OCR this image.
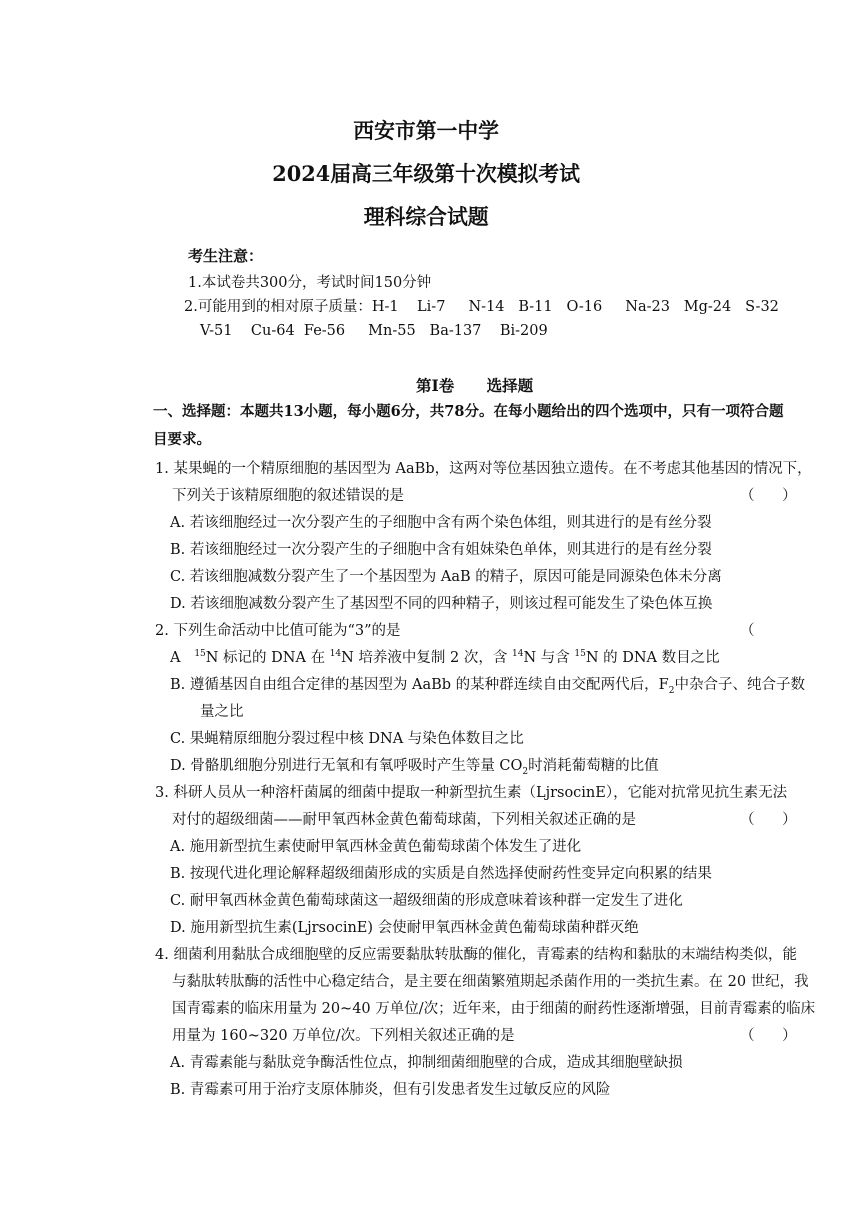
西安市第一中学
2024届高三年级第十次模拟考试
理科综合试题
考生注意：
1.本试卷共300分，考试时间150分钟
2.可能用到的相对原子质量：H-1    Li-7     N-14   B-11   O-16     Na-23   Mg-24   S-32
V-51    Cu-64  Fe-56     Mn-55   Ba-137    Bi-209
第Ⅰ卷      选择题
一、选择题：本题共13小题，每小题6分，共78分。在每小题给出的四个选项中，只有一项符合题
目要求。
1. 某果蝇的一个精原细胞的基因型为 AaBb，这两对等位基因独立遗传。在不考虑其他基因的情况下，
下列关于该精原细胞的叙述错误的是	（      ）
A. 若该细胞经过一次分裂产生的子细胞中含有两个染色体组，则其进行的是有丝分裂
B. 若该细胞经过一次分裂产生的子细胞中含有姐妹染色单体，则其进行的是有丝分裂
C. 若该细胞减数分裂产生了一个基因型为 AaB 的精子，原因可能是同源染色体未分离
D. 若该细胞减数分裂产生了基因型不同的四种精子，则该过程可能发生了染色体互换
2. 下列生命活动中比值可能为“3”的是	（
A   $^{15}$N 标记的 DNA 在 $^{14}$N 培养液中复制 2 次，含 $^{14}$N 与含 $^{15}$N 的 DNA 数目之比
B. 遵循基因自由组合定律的基因型为 AaBb 的某种群连续自由交配两代后，$F_2$中杂合子、纯合子数
量之比
C. 果蝇精原细胞分裂过程中核 DNA 与染色体数目之比
D. 骨骼肌细胞分别进行无氧和有氧呼吸时产生等量 $CO_2$时消耗葡萄糖的比值
3. 科研人员从一种溶杆菌属的细菌中提取一种新型抗生素（LjrsocinE），它能对抗常见抗生素无法
对付的超级细菌——耐甲氧西林金黄色葡萄球菌，下列相关叙述正确的是	（      ）
A. 施用新型抗生素使耐甲氧西林金黄色葡萄球菌个体发生了进化
B. 按现代进化理论解释超级细菌形成的实质是自然选择使耐药性变异定向积累的结果
C. 耐甲氧西林金黄色葡萄球菌这一超级细菌的形成意味着该种群一定发生了进化
D. 施用新型抗生素(LjrsocinE) 会使耐甲氧西林金黄色葡萄球菌种群灭绝
4. 细菌利用黏肽合成细胞壁的反应需要黏肽转肽酶的催化，青霉素的结构和黏肽的末端结构类似，能
与黏肽转肽酶的活性中心稳定结合，是主要在细菌繁殖期起杀菌作用的一类抗生素。在 20 世纪，我
国青霉素的临床用量为 20~40 万单位/次；近年来，由于细菌的耐药性逐渐增强，目前青霉素的临床
用量为 160~320 万单位/次。下列相关叙述正确的是	（      ）
A. 青霉素能与黏肽竞争酶活性位点，抑制细菌细胞壁的合成，造成其细胞壁缺损
B. 青霉素可用于治疗支原体肺炎，但有引发患者发生过敏反应的风险
